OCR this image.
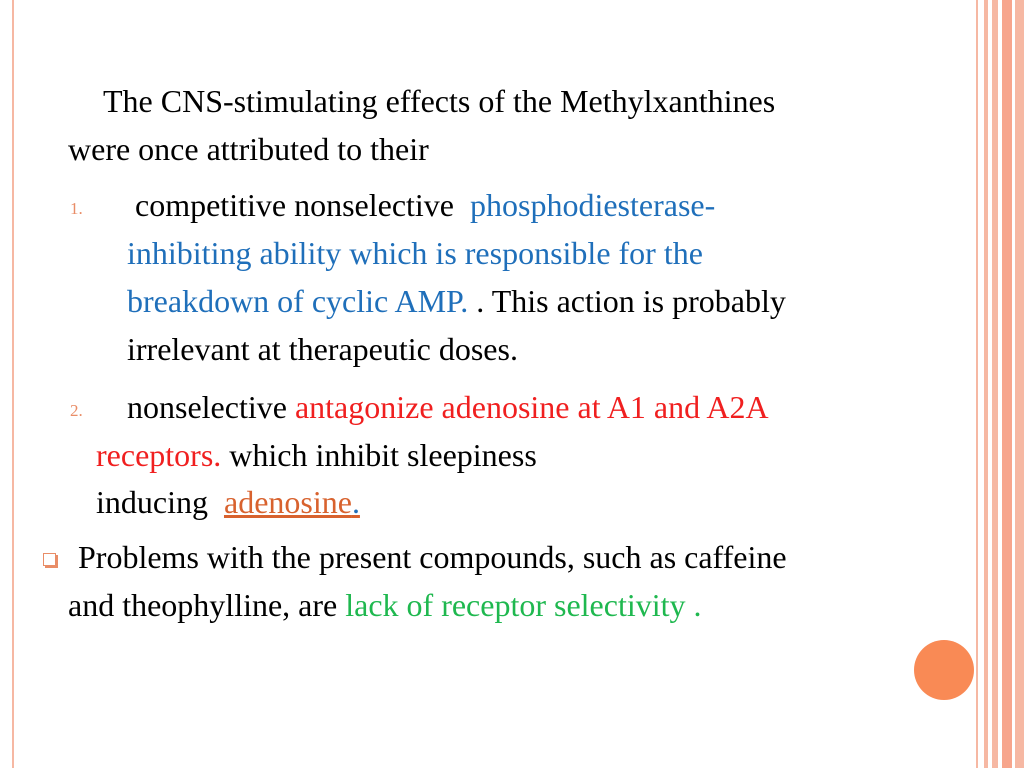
The CNS-stimulating effects of the Methylxanthines
were once attributed to their
1. competitive nonselective phosphodiesterase-
inhibiting ability which is responsible for the
breakdown of cyclic AMP. . This action is probably
irrelevant at therapeutic doses.
2. nonselective antagonize adenosine at A1 and A2A
receptors. which inhibit sleepiness
inducing adenosine.
Problems with the present compounds, such as caffeine
and theophylline, are lack of receptor selectivity .
